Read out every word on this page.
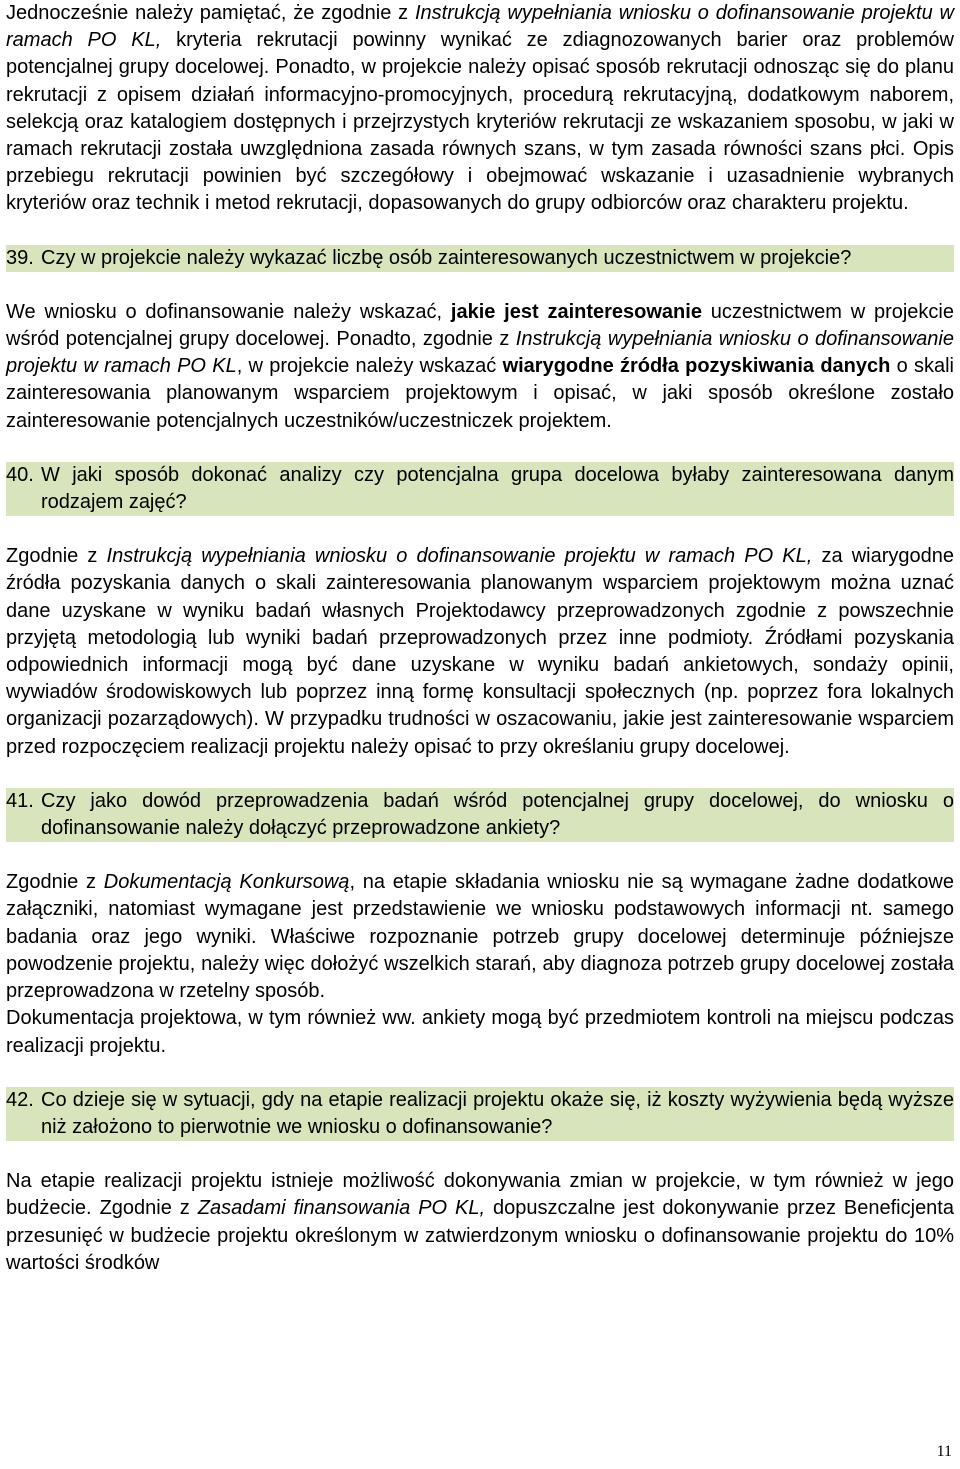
Jednocześnie należy pamiętać, że zgodnie z Instrukcją wypełniania wniosku o dofinansowanie projektu w ramach PO KL, kryteria rekrutacji powinny wynikać ze zdiagnozowanych barier oraz problemów potencjalnej grupy docelowej. Ponadto, w projekcie należy opisać sposób rekrutacji odnosząc się do planu rekrutacji z opisem działań informacyjno-promocyjnych, procedurą rekrutacyjną, dodatkowym naborem, selekcją oraz katalogiem dostępnych i przejrzystych kryteriów rekrutacji ze wskazaniem sposobu, w jaki w ramach rekrutacji została uwzględniona zasada równych szans, w tym zasada równości szans płci. Opis przebiegu rekrutacji powinien być szczegółowy i obejmować wskazanie i uzasadnienie wybranych kryteriów oraz technik i metod rekrutacji, dopasowanych do grupy odbiorców oraz charakteru projektu.

39. Czy w projekcie należy wykazać liczbę osób zainteresowanych uczestnictwem w projekcie?

We wniosku o dofinansowanie należy wskazać, jakie jest zainteresowanie uczestnictwem w projekcie wśród potencjalnej grupy docelowej. Ponadto, zgodnie z Instrukcją wypełniania wniosku o dofinansowanie projektu w ramach PO KL, w projekcie należy wskazać wiarygodne źródła pozyskiwania danych o skali zainteresowania planowanym wsparciem projektowym i opisać, w jaki sposób określone zostało zainteresowanie potencjalnych uczestników/uczestniczek projektem.

40. W jaki sposób dokonać analizy czy potencjalna grupa docelowa byłaby zainteresowana danym rodzajem zajęć?

Zgodnie z Instrukcją wypełniania wniosku o dofinansowanie projektu w ramach PO KL, za wiarygodne źródła pozyskania danych o skali zainteresowania planowanym wsparciem projektowym można uznać dane uzyskane w wyniku badań własnych Projektodawcy przeprowadzonych zgodnie z powszechnie przyjętą metodologią lub wyniki badań przeprowadzonych przez inne podmioty. Źródłami pozyskania odpowiednich informacji mogą być dane uzyskane w wyniku badań ankietowych, sondaży opinii, wywiadów środowiskowych lub poprzez inną formę konsultacji społecznych (np. poprzez fora lokalnych organizacji pozarządowych). W przypadku trudności w oszacowaniu, jakie jest zainteresowanie wsparciem przed rozpoczęciem realizacji projektu należy opisać to przy określaniu grupy docelowej.

41. Czy jako dowód przeprowadzenia badań wśród potencjalnej grupy docelowej, do wniosku o dofinansowanie należy dołączyć przeprowadzone ankiety?

Zgodnie z Dokumentacją Konkursową, na etapie składania wniosku nie są wymagane żadne dodatkowe załączniki, natomiast wymagane jest przedstawienie we wniosku podstawowych informacji nt. samego badania oraz jego wyniki. Właściwe rozpoznanie potrzeb grupy docelowej determinuje późniejsze powodzenie projektu, należy więc dołożyć wszelkich starań, aby diagnoza potrzeb grupy docelowej została przeprowadzona w rzetelny sposób.

Dokumentacja projektowa, w tym również ww. ankiety mogą być przedmiotem kontroli na miejscu podczas realizacji projektu.

42. Co dzieje się w sytuacji, gdy na etapie realizacji projektu okaże się, iż koszty wyżywienia będą wyższe niż założono to pierwotnie we wniosku o dofinansowanie?

Na etapie realizacji projektu istnieje możliwość dokonywania zmian w projekcie, w tym również w jego budżecie. Zgodnie z Zasadami finansowania PO KL, dopuszczalne jest dokonywanie przez Beneficjenta przesunięć w budżecie projektu określonym w zatwierdzonym wniosku o dofinansowanie projektu do 10% wartości środków

11
